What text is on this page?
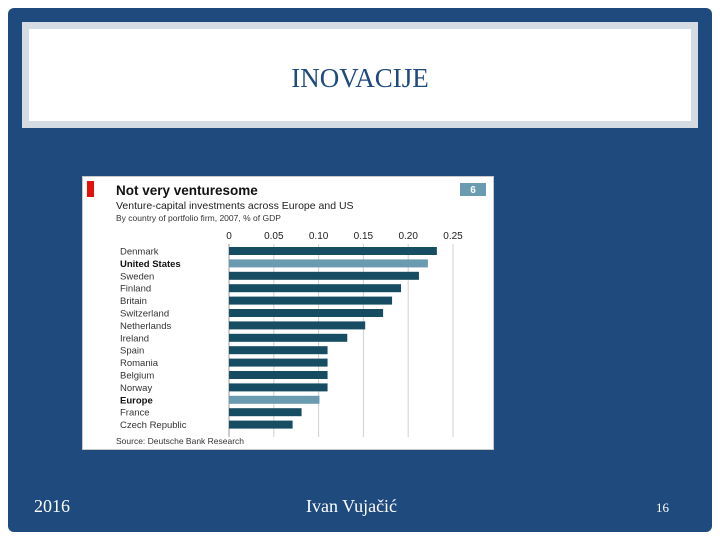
INOVACIJE
Not very venturesome	6
Venture-capital investments across Europe and US
By country of portfolio firm, 2007, % of GDP
0	0.05	0.10	0.15	0.20	0.25
Denmark
United States
Sweden
Finland
Britain
Switzerland
Netherlands
Ireland
Spain
Romania
Belgium
Norway
Europe
France
Czech Republic
Source: Deutsche Bank Research
2016	Ivan Vujačić	16
